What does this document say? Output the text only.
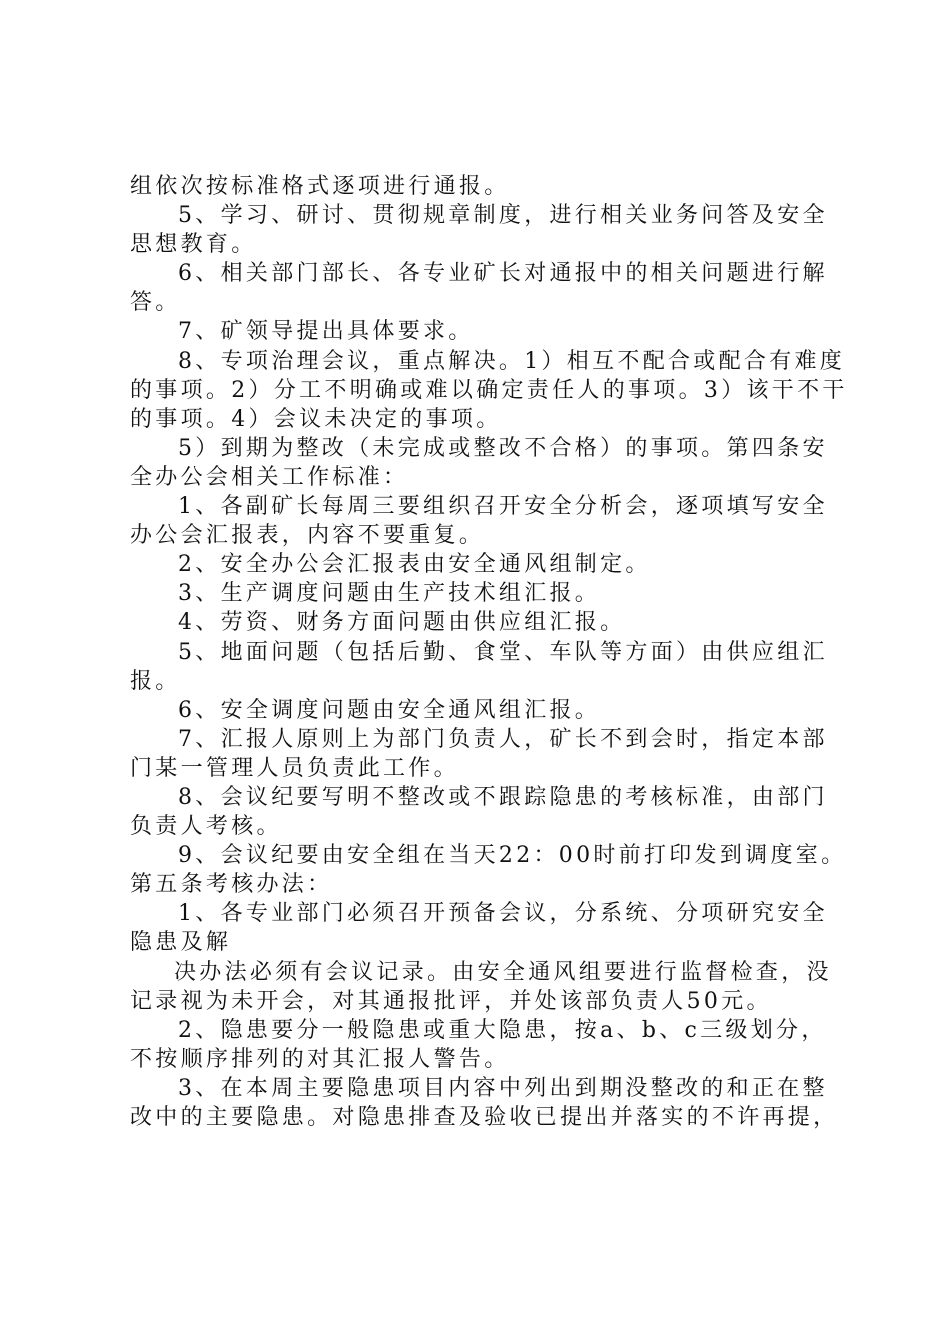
组依次按标准格式逐项进行通报。

5、学习、研讨、贯彻规章制度，进行相关业务问答及安全思想教育。

6、相关部门部长、各专业矿长对通报中的相关问题进行解答。

7、矿领导提出具体要求。

8、专项治理会议，重点解决。1）相互不配合或配合有难度的事项。2）分工不明确或难以确定责任人的事项。3）该干不干的事项。4）会议未决定的事项。

5）到期为整改（未完成或整改不合格）的事项。第四条安全办公会相关工作标准：

1、各副矿长每周三要组织召开安全分析会，逐项填写安全办公会汇报表，内容不要重复。

2、安全办公会汇报表由安全通风组制定。

3、生产调度问题由生产技术组汇报。

4、劳资、财务方面问题由供应组汇报。

5、地面问题（包括后勤、食堂、车队等方面）由供应组汇报。

6、安全调度问题由安全通风组汇报。

7、汇报人原则上为部门负责人，矿长不到会时，指定本部门某一管理人员负责此工作。

8、会议纪要写明不整改或不跟踪隐患的考核标准，由部门负责人考核。

9、会议纪要由安全组在当天22：00时前打印发到调度室。第五条考核办法：

1、各专业部门必须召开预备会议，分系统、分项研究安全隐患及解

决办法必须有会议记录。由安全通风组要进行监督检查，没记录视为未开会，对其通报批评，并处该部负责人50元。

2、隐患要分一般隐患或重大隐患，按a、b、c三级划分，不按顺序排列的对其汇报人警告。

3、在本周主要隐患项目内容中列出到期没整改的和正在整改中的主要隐患。对隐患排查及验收已提出并落实的不许再提，
